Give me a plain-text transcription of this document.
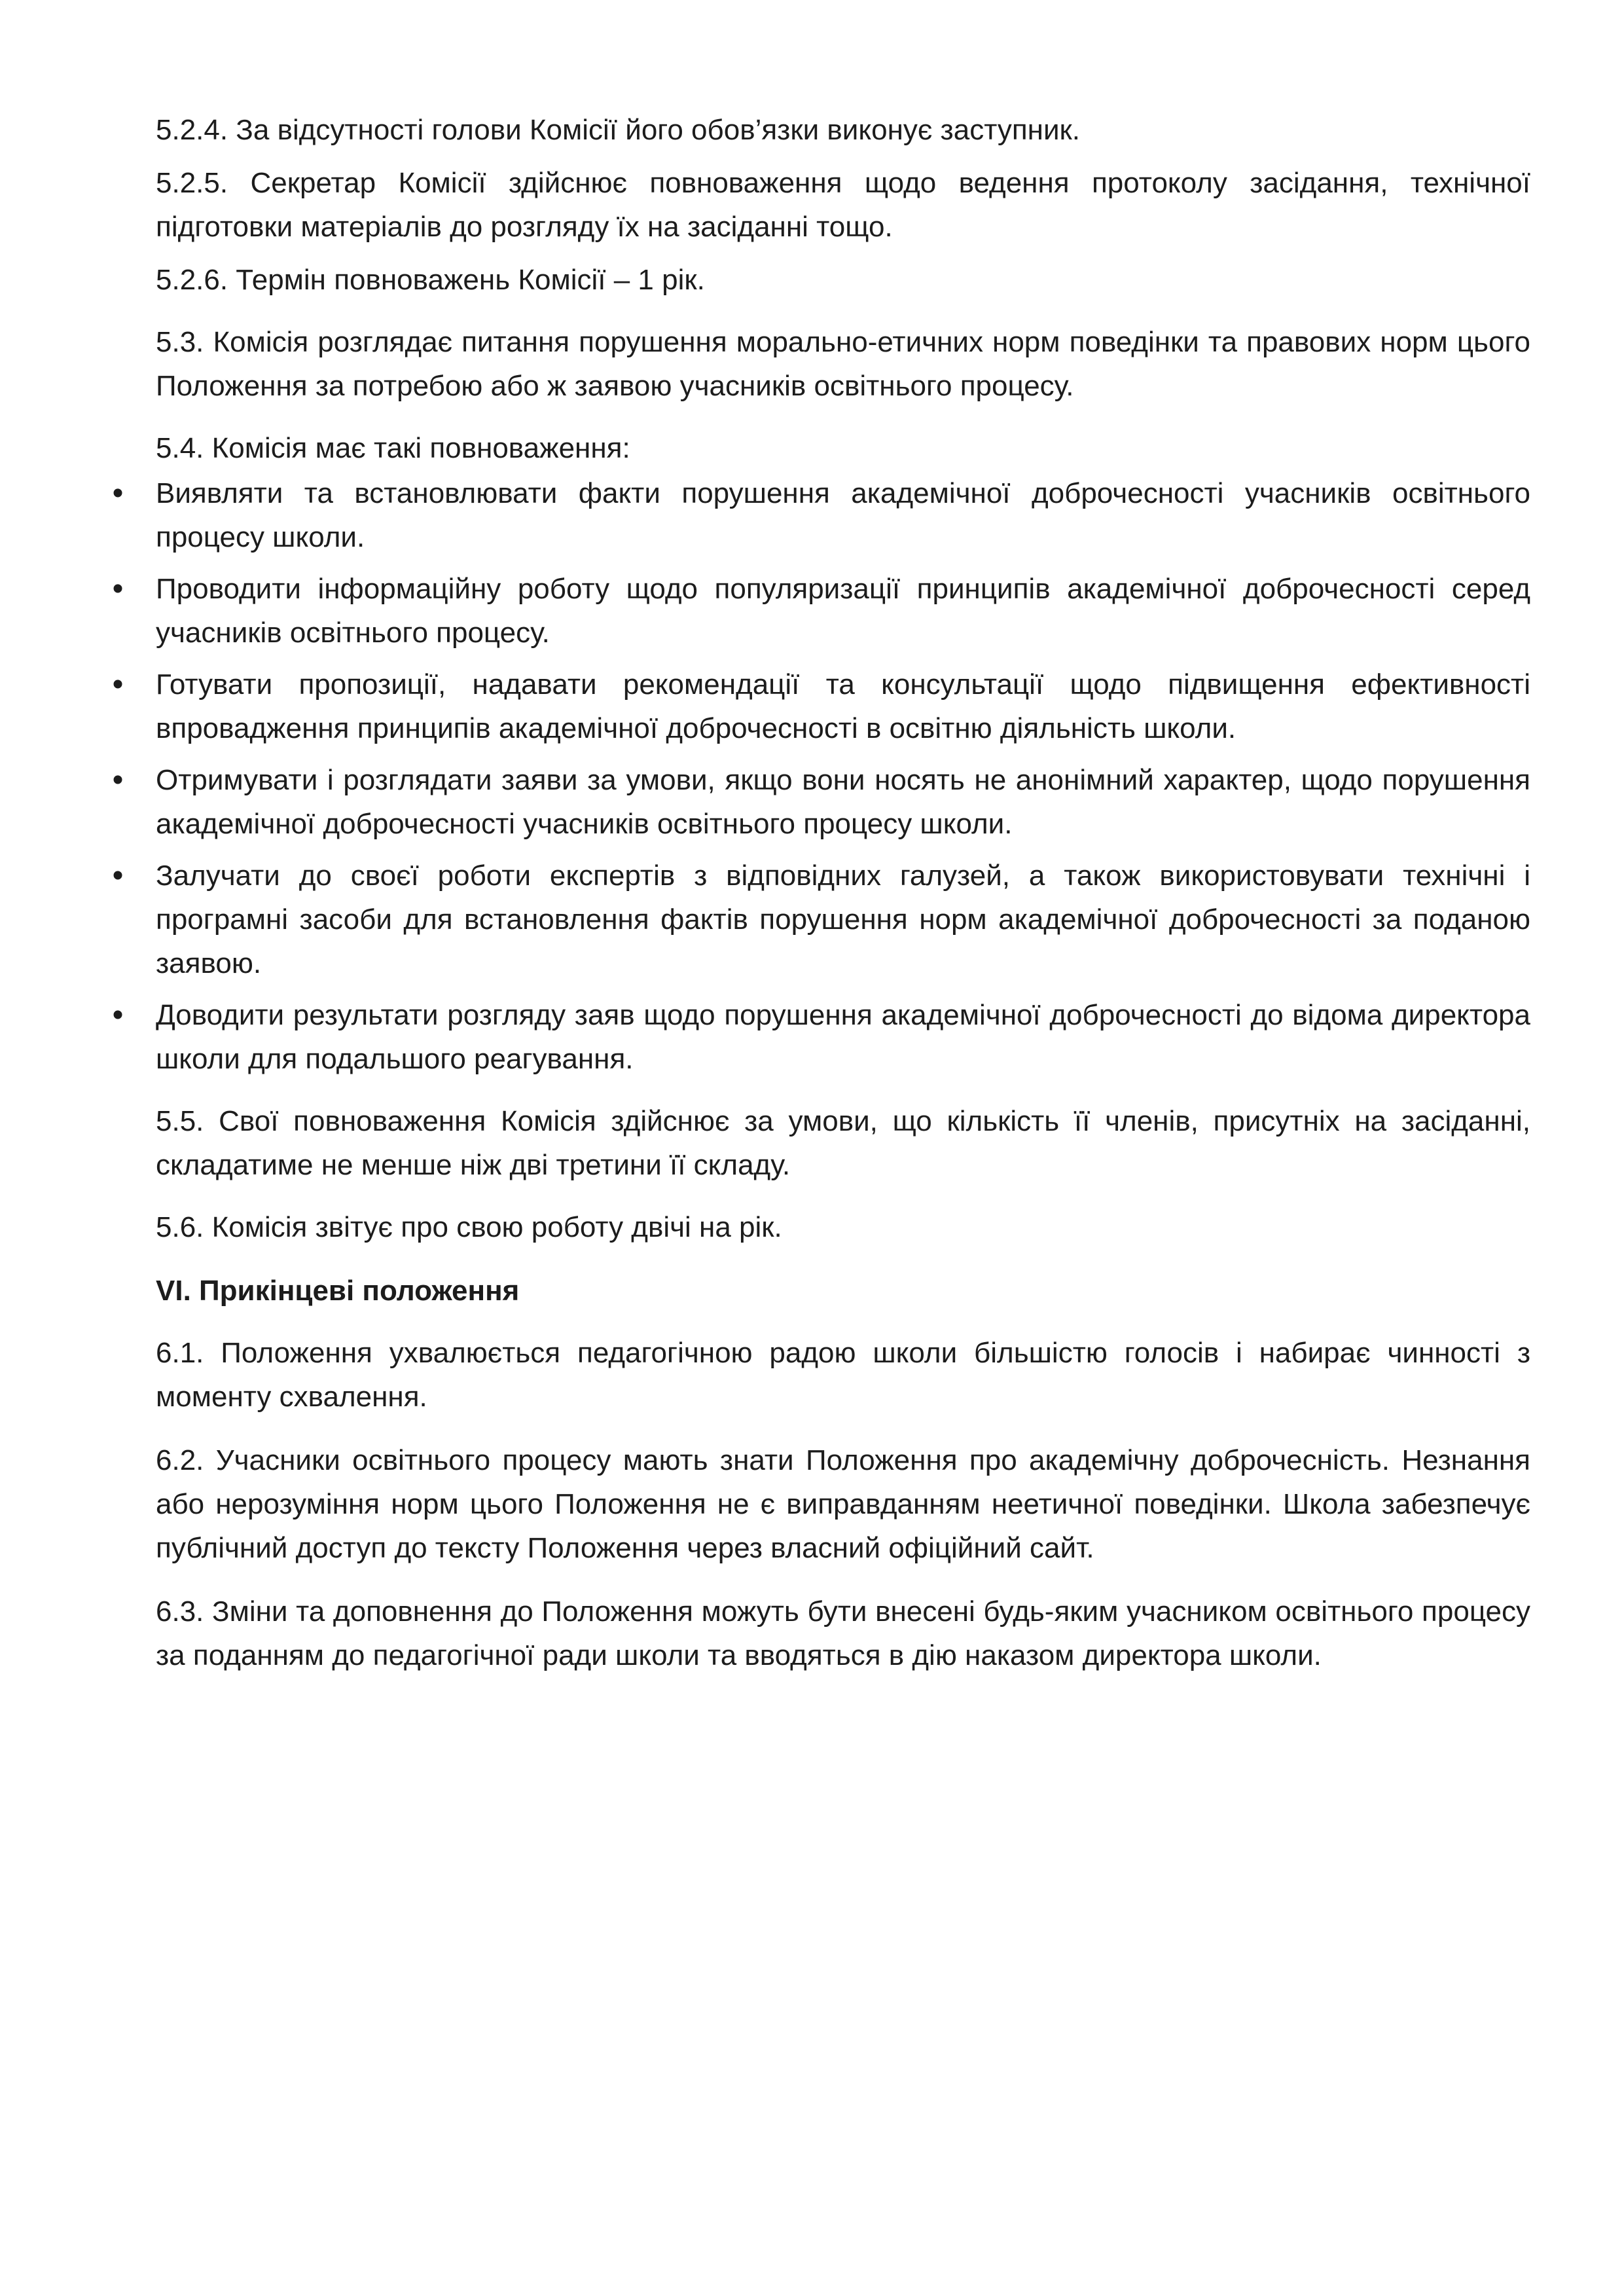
5.2.4. За відсутності голови Комісії його обов’язки виконує заступник.

5.2.5. Секретар Комісії здійснює повноваження щодо ведення протоколу засідання, технічної підготовки матеріалів до розгляду їх на засіданні тощо.

5.2.6. Термін повноважень Комісії – 1 рік.

5.3. Комісія розглядає питання порушення морально-етичних норм поведінки та правових норм цього Положення за потребою або ж заявою учасників освітнього процесу.

5.4. Комісія має такі повноваження:

• Виявляти та встановлювати факти порушення академічної доброчесності учасників освітнього процесу школи.
• Проводити інформаційну роботу щодо популяризації принципів академічної доброчесності серед учасників освітнього процесу.
• Готувати пропозиції, надавати рекомендації та консультації щодо підвищення ефективності впровадження принципів академічної доброчесності в освітню діяльність школи.
• Отримувати і розглядати заяви за умови, якщо вони носять не анонімний характер, щодо порушення академічної доброчесності учасників освітнього процесу школи.
• Залучати до своєї роботи експертів з відповідних галузей, а також використовувати технічні і програмні засоби для встановлення фактів порушення норм академічної доброчесності за поданою заявою.
• Доводити результати розгляду заяв щодо порушення академічної доброчесності до відома директора школи для подальшого реагування.

5.5. Свої повноваження Комісія здійснює за умови, що кількість її членів, присутніх на засіданні, складатиме не менше ніж дві третини її складу.

5.6. Комісія звітує про свою роботу двічі на рік.

VI. Прикінцеві положення

6.1. Положення ухвалюється педагогічною радою школи більшістю голосів і набирає чинності з моменту схвалення.

6.2. Учасники освітнього процесу мають знати Положення про академічну доброчесність. Незнання або нерозуміння норм цього Положення не є виправданням неетичної поведінки. Школа забезпечує публічний доступ до тексту Положення через власний офіційний сайт.

6.3. Зміни та доповнення до Положення можуть бути внесені будь-яким учасником освітнього процесу за поданням до педагогічної ради школи та вводяться в дію наказом директора школи.
